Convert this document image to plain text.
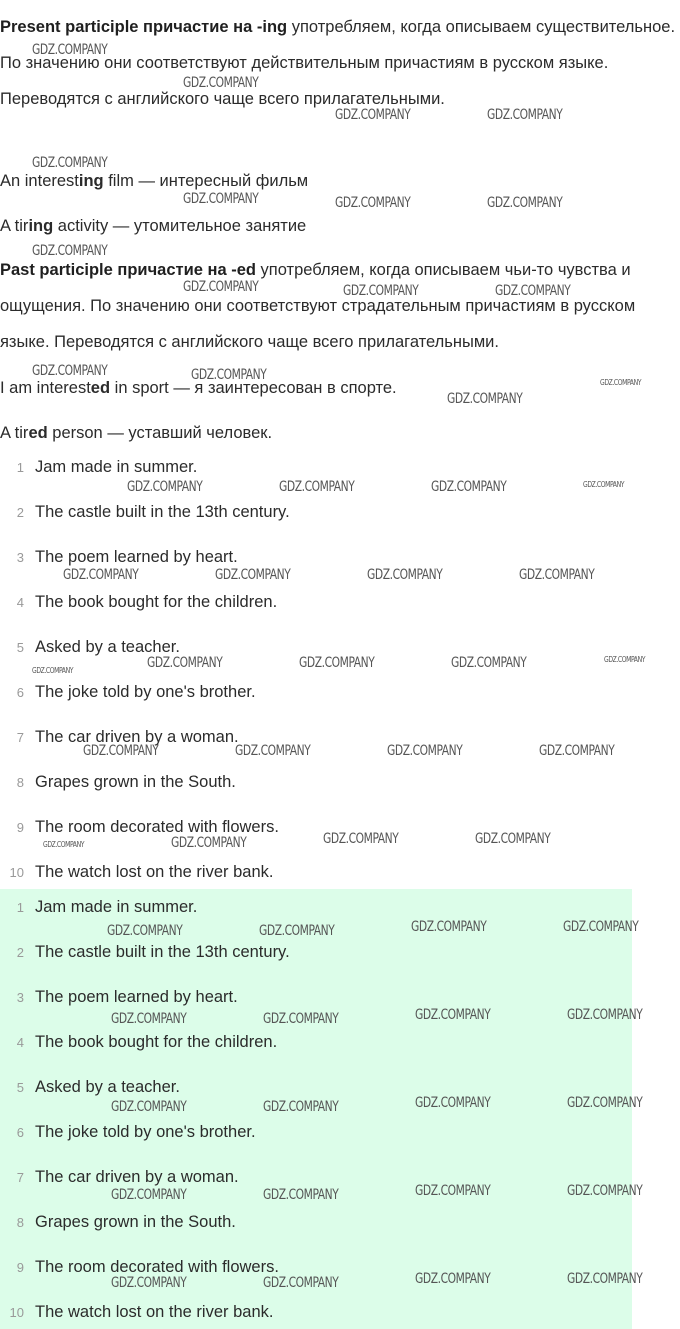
Present participle причастие на -ing употребляем, когда описываем существительное. По значению они соответствуют действительным причастиям в русском языке. Переводятся с английского чаще всего прилагательными.

An interesting film — интересный фильм
A tiring activity — утомительное занятие

Past participle причастие на -ed употребляем, когда описываем чьи-то чувства и ощущения. По значению они соответствуют страдательным причастиям в русском языке. Переводятся с английского чаще всего прилагательными.

I am interested in sport — я заинтересован в спорте.
A tired person — уставший человек.
1 Jam made in summer.
2 The castle built in the 13th century.
3 The poem learned by heart.
4 The book bought for the children.
5 Asked by a teacher.
6 The joke told by one's brother.
7 The car driven by a woman.
8 Grapes grown in the South.
9 The room decorated with flowers.
10 The watch lost on the river bank.
1 Jam made in summer.
2 The castle built in the 13th century.
3 The poem learned by heart.
4 The book bought for the children.
5 Asked by a teacher.
6 The joke told by one's brother.
7 The car driven by a woman.
8 Grapes grown in the South.
9 The room decorated with flowers.
10 The watch lost on the river bank.
GDZ.COMPANY
GDZ.COMPANY
GDZ.COMPANY	GDZ.COMPANY
GDZ.COMPANY
GDZ.COMPANY	GDZ.COMPANY	GDZ.COMPANY
GDZ.COMPANY
GDZ.COMPANY	GDZ.COMPANY	GDZ.COMPANY
GDZ.COMPANY	GDZ.COMPANY
GDZ.COMPANY
GDZ.COMPANY	GDZ.COMPANY	GDZ.COMPANY
GDZ.COMPANY	GDZ.COMPANY	GDZ.COMPANY	GDZ.COMPANY
GDZ.COMPANY	GDZ.COMPANY	GDZ.COMPANY
GDZ.COMPANY	GDZ.COMPANY	GDZ.COMPANY	GDZ.COMPANY
GDZ.COMPANY	GDZ.COMPANY	GDZ.COMPANY
GDZ.COMPANY	GDZ.COMPANY	GDZ.COMPANY	GDZ.COMPANY
GDZ.COMPANY	GDZ.COMPANY	GDZ.COMPANY	GDZ.COMPANY
GDZ.COMPANY	GDZ.COMPANY	GDZ.COMPANY	GDZ.COMPANY
GDZ.COMPANY	GDZ.COMPANY	GDZ.COMPANY	GDZ.COMPANY
GDZ.COMPANY	GDZ.COMPANY	GDZ.COMPANY	GDZ.COMPANY
GDZ.COMPANY
GDZ.COMPANY
GDZ.COMPANY
GDZ.COMPANY
GDZ.COMPANY
